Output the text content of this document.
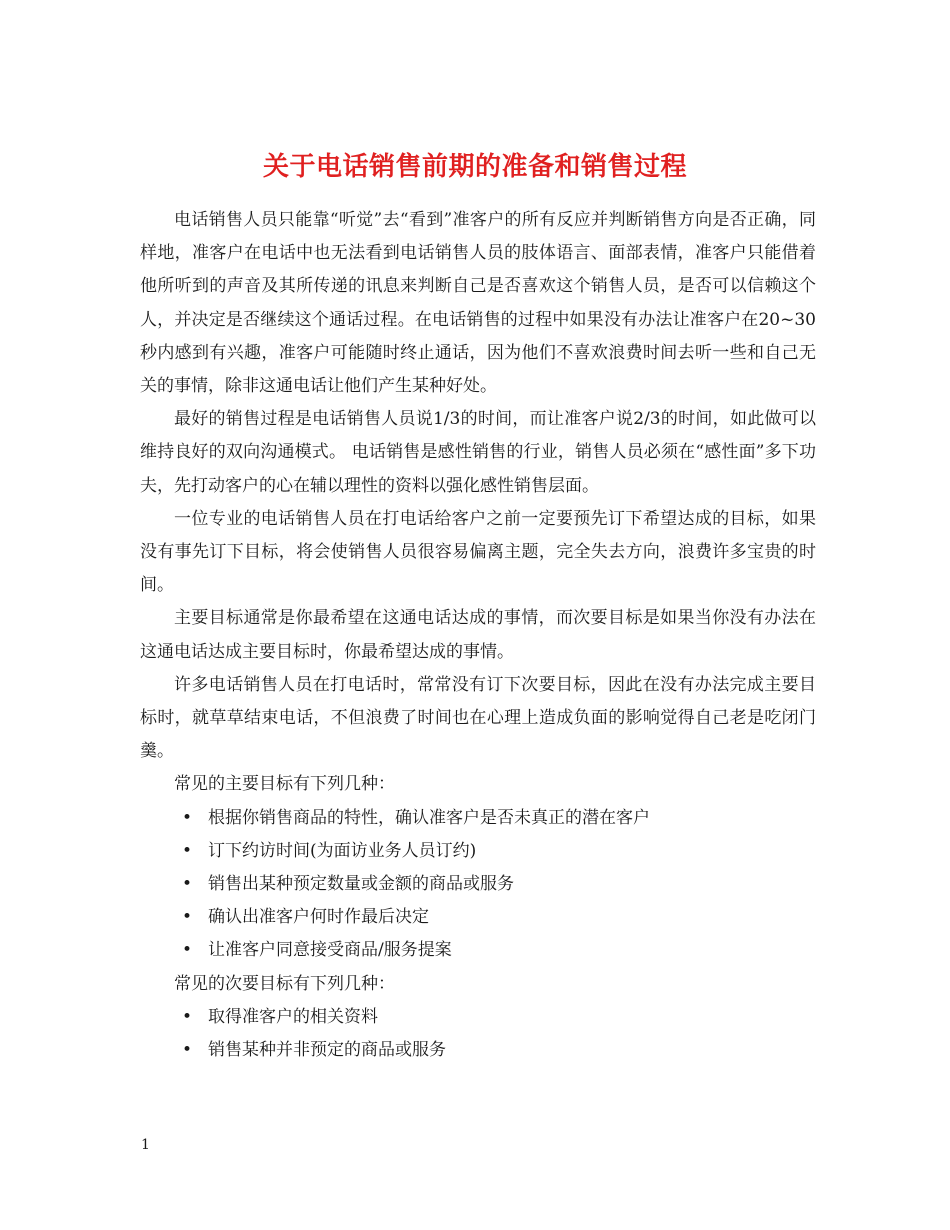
关于电话销售前期的准备和销售过程

电话销售人员只能靠“听觉”去“看到”准客户的所有反应并判断销售方向是否正确，同样地，准客户在电话中也无法看到电话销售人员的肢体语言、面部表情，准客户只能借着他所听到的声音及其所传递的讯息来判断自己是否喜欢这个销售人员，是否可以信赖这个人，并决定是否继续这个通话过程。在电话销售的过程中如果没有办法让准客户在20~30秒内感到有兴趣，准客户可能随时终止通话，因为他们不喜欢浪费时间去听一些和自己无关的事情，除非这通电话让他们产生某种好处。

最好的销售过程是电话销售人员说1/3的时间，而让准客户说2/3的时间，如此做可以维持良好的双向沟通模式。 电话销售是感性销售的行业，销售人员必须在“感性面”多下功夫，先打动客户的心在辅以理性的资料以强化感性销售层面。

一位专业的电话销售人员在打电话给客户之前一定要预先订下希望达成的目标，如果没有事先订下目标，将会使销售人员很容易偏离主题，完全失去方向，浪费许多宝贵的时间。

主要目标通常是你最希望在这通电话达成的事情，而次要目标是如果当你没有办法在这通电话达成主要目标时，你最希望达成的事情。

许多电话销售人员在打电话时，常常没有订下次要目标，因此在没有办法完成主要目标时，就草草结束电话，不但浪费了时间也在心理上造成负面的影响觉得自己老是吃闭门羹。

常见的主要目标有下列几种：

• 根据你销售商品的特性，确认准客户是否未真正的潜在客户
• 订下约访时间(为面访业务人员订约)
• 销售出某种预定数量或金额的商品或服务
• 确认出准客户何时作最后决定
• 让准客户同意接受商品/服务提案

常见的次要目标有下列几种：

• 取得准客户的相关资料
• 销售某种并非预定的商品或服务
1
